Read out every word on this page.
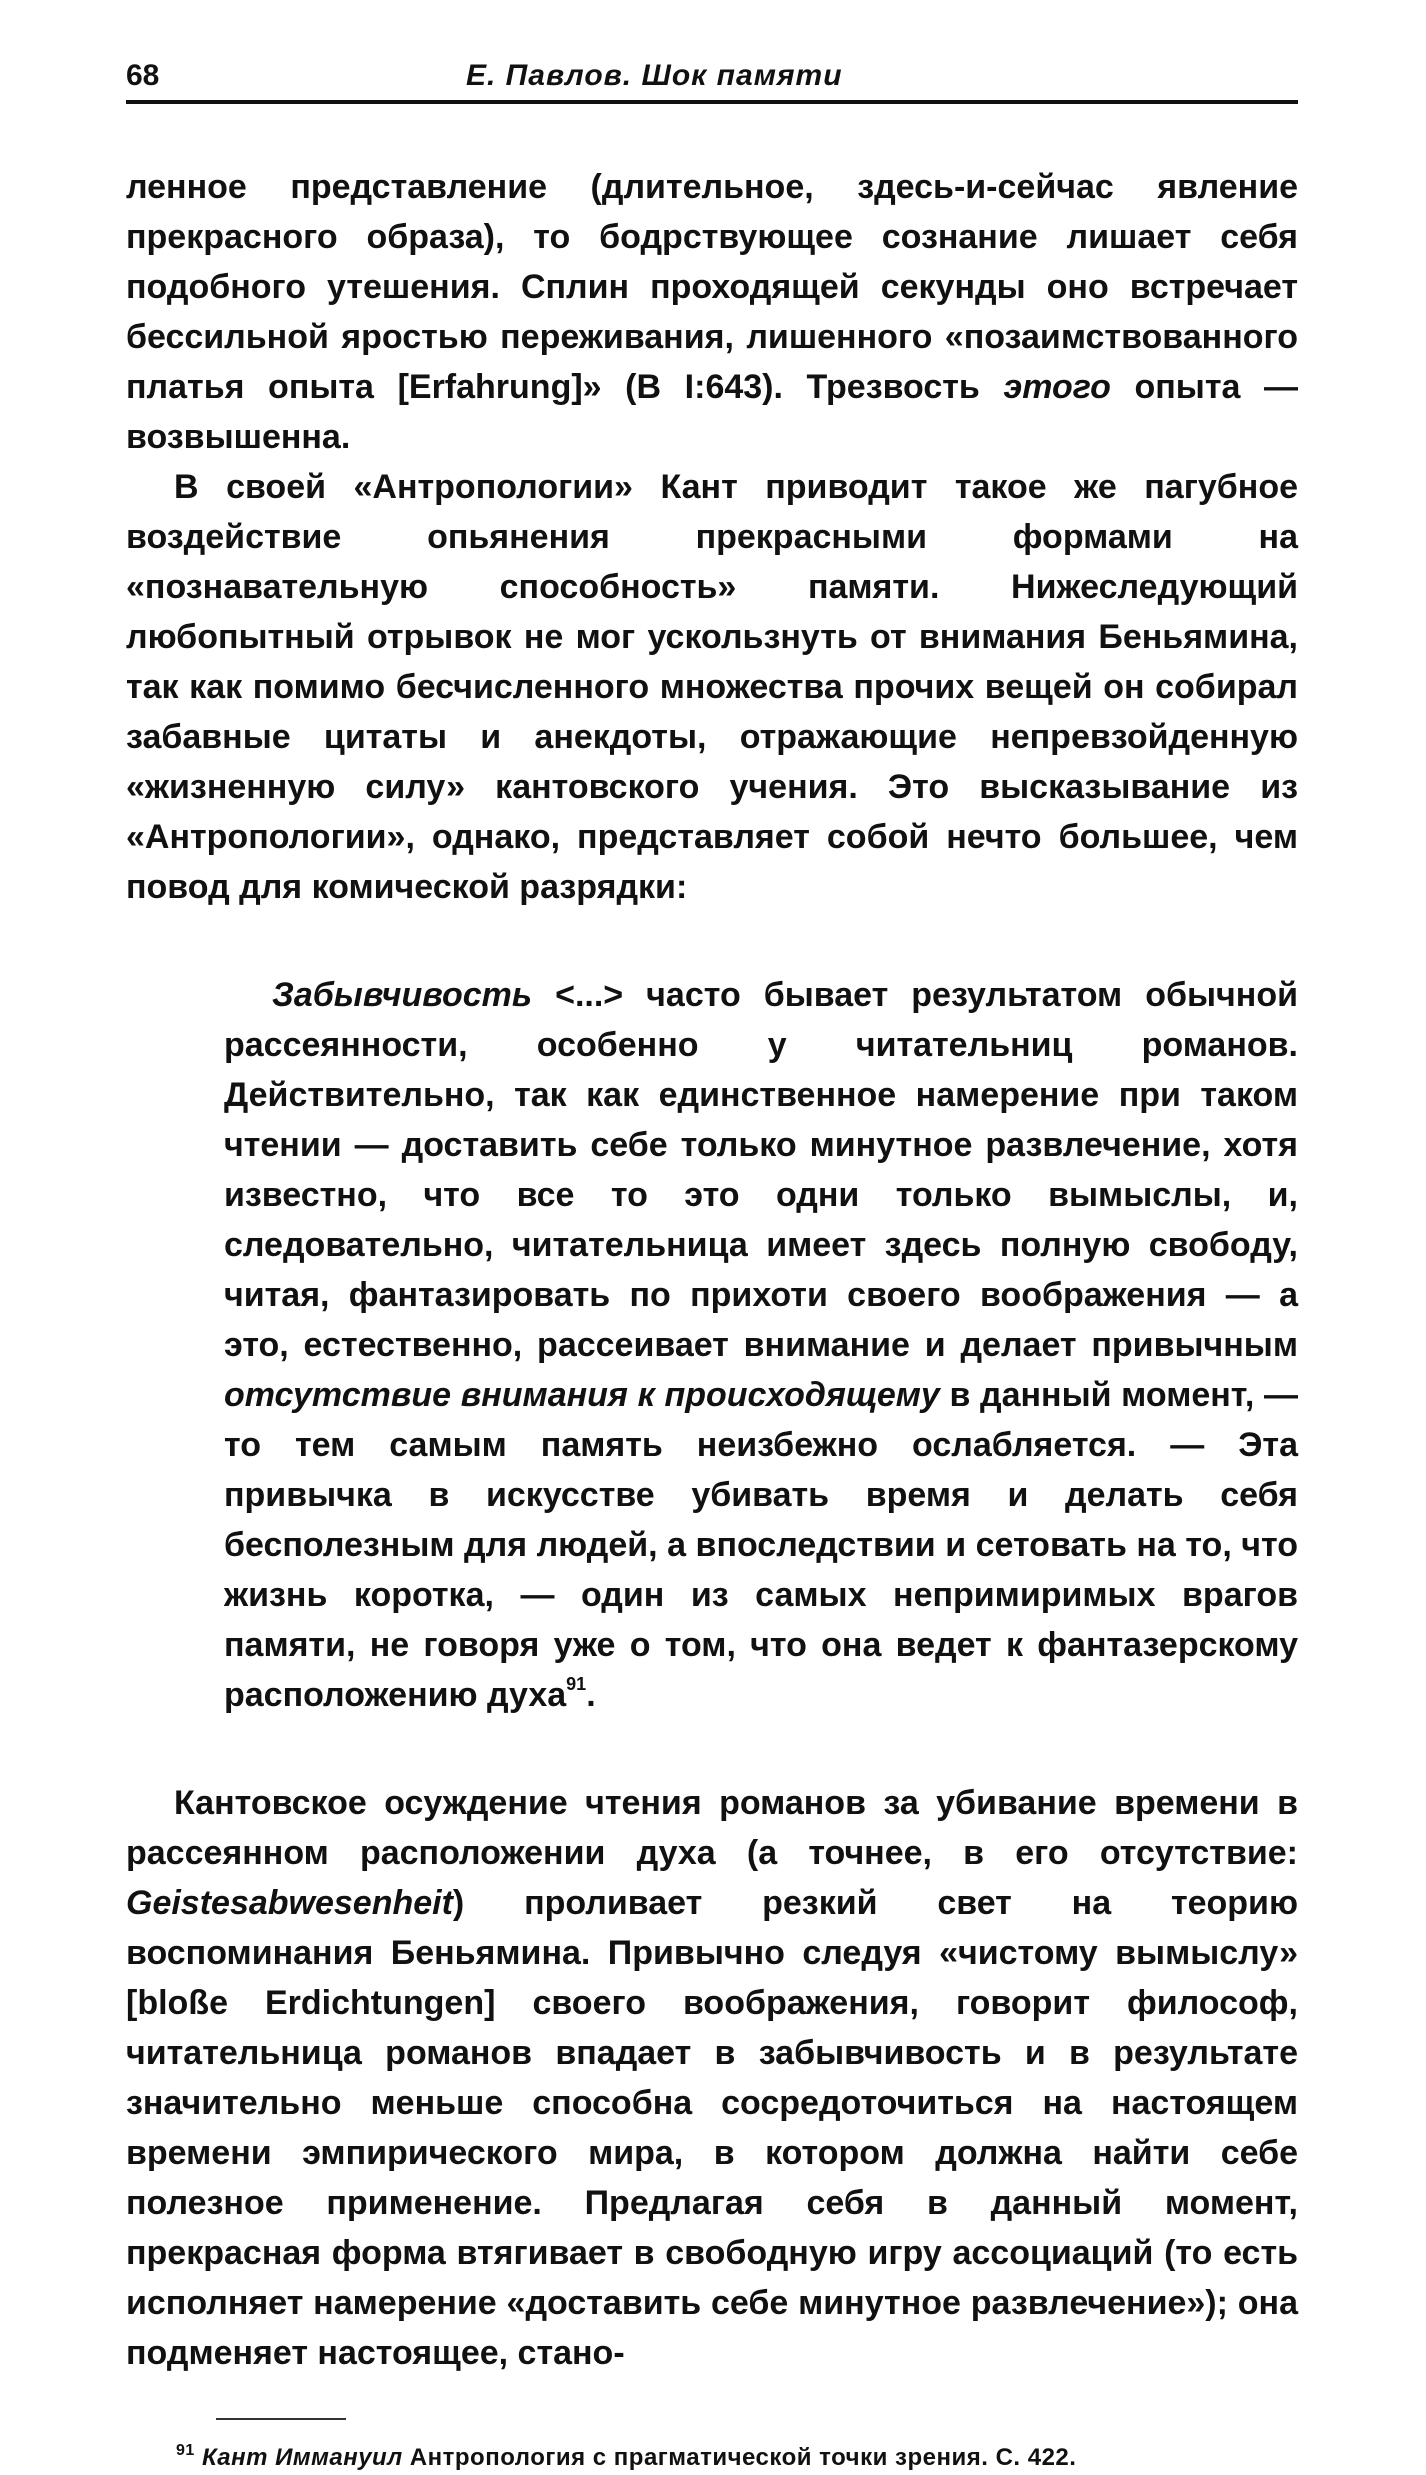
68	Е. Павлов. Шок памяти

ленное представление (длительное, здесь-и-сейчас явление прекрасного образа), то бодрствующее сознание лишает себя подобного утешения. Сплин проходящей секунды оно встречает бессильной яростью переживания, лишенного «позаимствованного платья опыта [Erfahrung]» (В I:643). Трезвость этого опыта — возвышенна.

В своей «Антропологии» Кант приводит такое же пагубное воздействие опьянения прекрасными формами на «познавательную способность» памяти. Нижеследующий любопытный отрывок не мог ускользнуть от внимания Беньямина, так как помимо бесчисленного множества прочих вещей он собирал забавные цитаты и анекдоты, отражающие непревзойденную «жизненную силу» кантовского учения. Это высказывание из «Антропологии», однако, представляет собой нечто большее, чем повод для комической разрядки:

Забывчивость <...> часто бывает результатом обычной рассеянности, особенно у читательниц романов. Действительно, так как единственное намерение при таком чтении — доставить себе только минутное развлечение, хотя известно, что все то это одни только вымыслы, и, следовательно, читательница имеет здесь полную свободу, читая, фантазировать по прихоти своего воображения — а это, естественно, рассеивает внимание и делает привычным отсутствие внимания к происходящему в данный момент, — то тем самым память неизбежно ослабляется. — Эта привычка в искусстве убивать время и делать себя бесполезным для людей, а впоследствии и сетовать на то, что жизнь коротка, — один из самых непримиримых врагов памяти, не говоря уже о том, что она ведет к фантазерскому расположению духа$^{91}$.

Кантовское осуждение чтения романов за убивание времени в рассеянном расположении духа (а точнее, в его отсутствие: Geistesabwesenheit) проливает резкий свет на теорию воспоминания Беньямина. Привычно следуя «чистому вымыслу» [bloße Erdichtungen] своего воображения, говорит философ, читательница романов впадает в забывчивость и в результате значительно меньше способна сосредоточиться на настоящем времени эмпирического мира, в котором должна найти себе полезное применение. Предлагая себя в данный момент, прекрасная форма втягивает в свободную игру ассоциаций (то есть исполняет намерение «доставить себе минутное развлечение»); она подменяет настоящее, стано-

$^{91}$ Кант Иммануил Антропология с прагматической точки зрения. С. 422.
